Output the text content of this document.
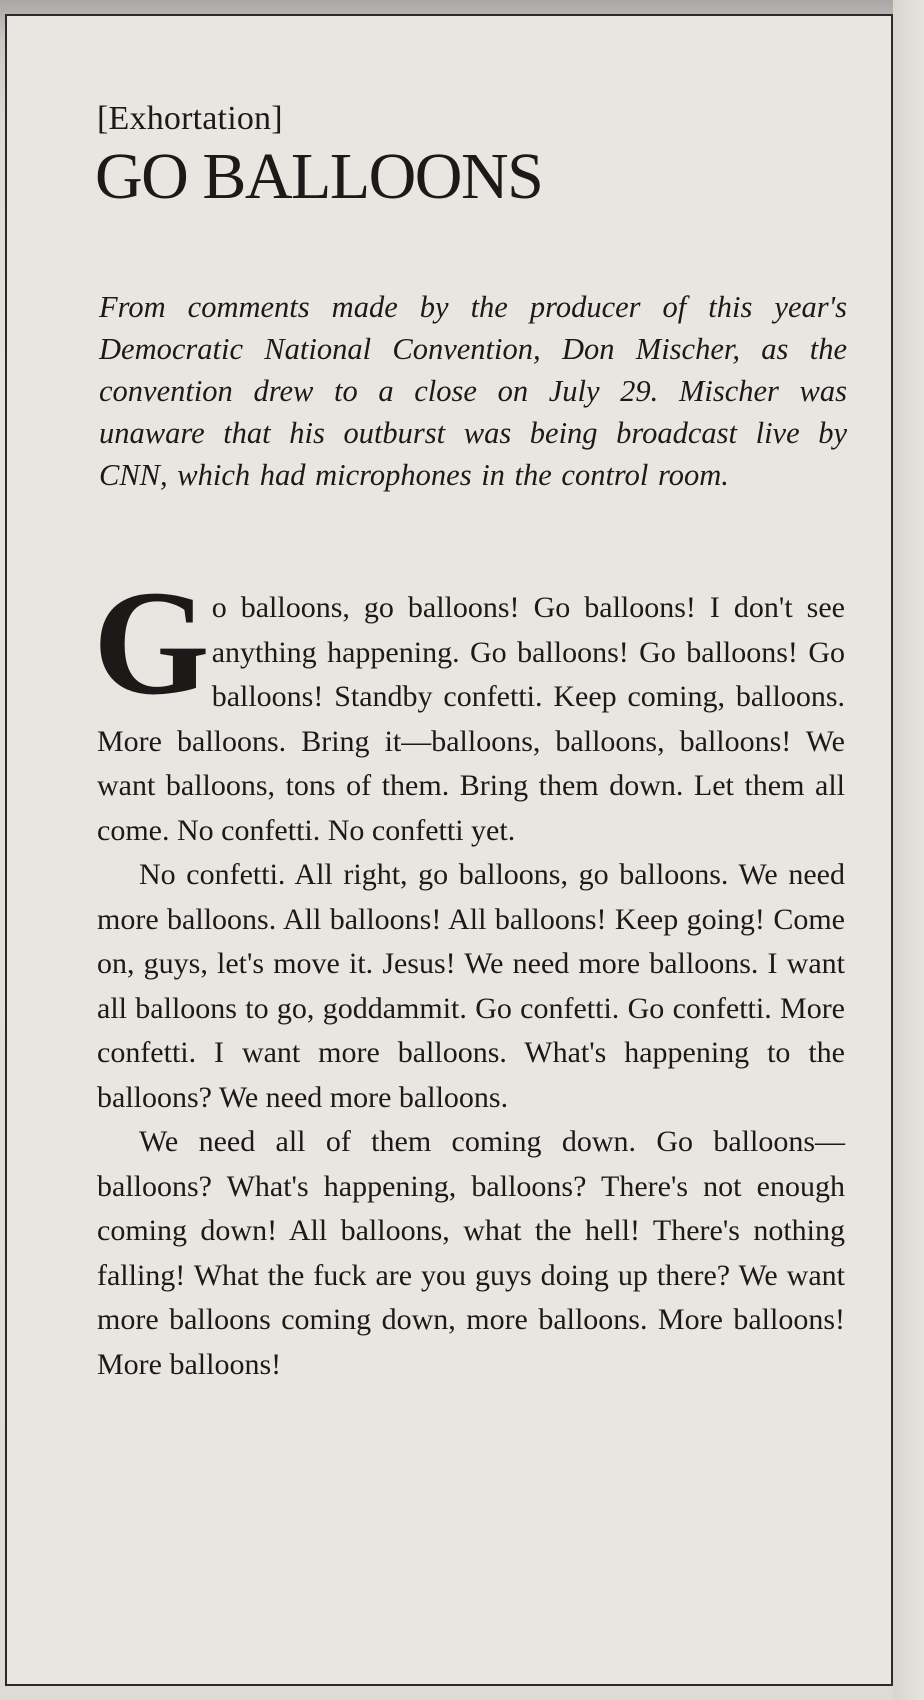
[Exhortation]
GO BALLOONS

From comments made by the producer of this year's Democratic National Convention, Don Mischer, as the convention drew to a close on July 29. Mischer was unaware that his outburst was being broadcast live by CNN, which had microphones in the control room.

Go balloons, go balloons! Go balloons! I don't see anything happening. Go balloons! Go balloons! Go balloons! Standby confetti. Keep coming, balloons. More balloons. Bring it—balloons, balloons, balloons! We want balloons, tons of them. Bring them down. Let them all come. No confetti. No confetti yet.

No confetti. All right, go balloons, go balloons. We need more balloons. All balloons! All balloons! Keep going! Come on, guys, let's move it. Jesus! We need more balloons. I want all balloons to go, goddammit. Go confetti. Go confetti. More confetti. I want more balloons. What's happening to the balloons? We need more balloons.

We need all of them coming down. Go balloons—balloons? What's happening, balloons? There's not enough coming down! All balloons, what the hell! There's nothing falling! What the fuck are you guys doing up there? We want more balloons coming down, more balloons. More balloons! More balloons!
